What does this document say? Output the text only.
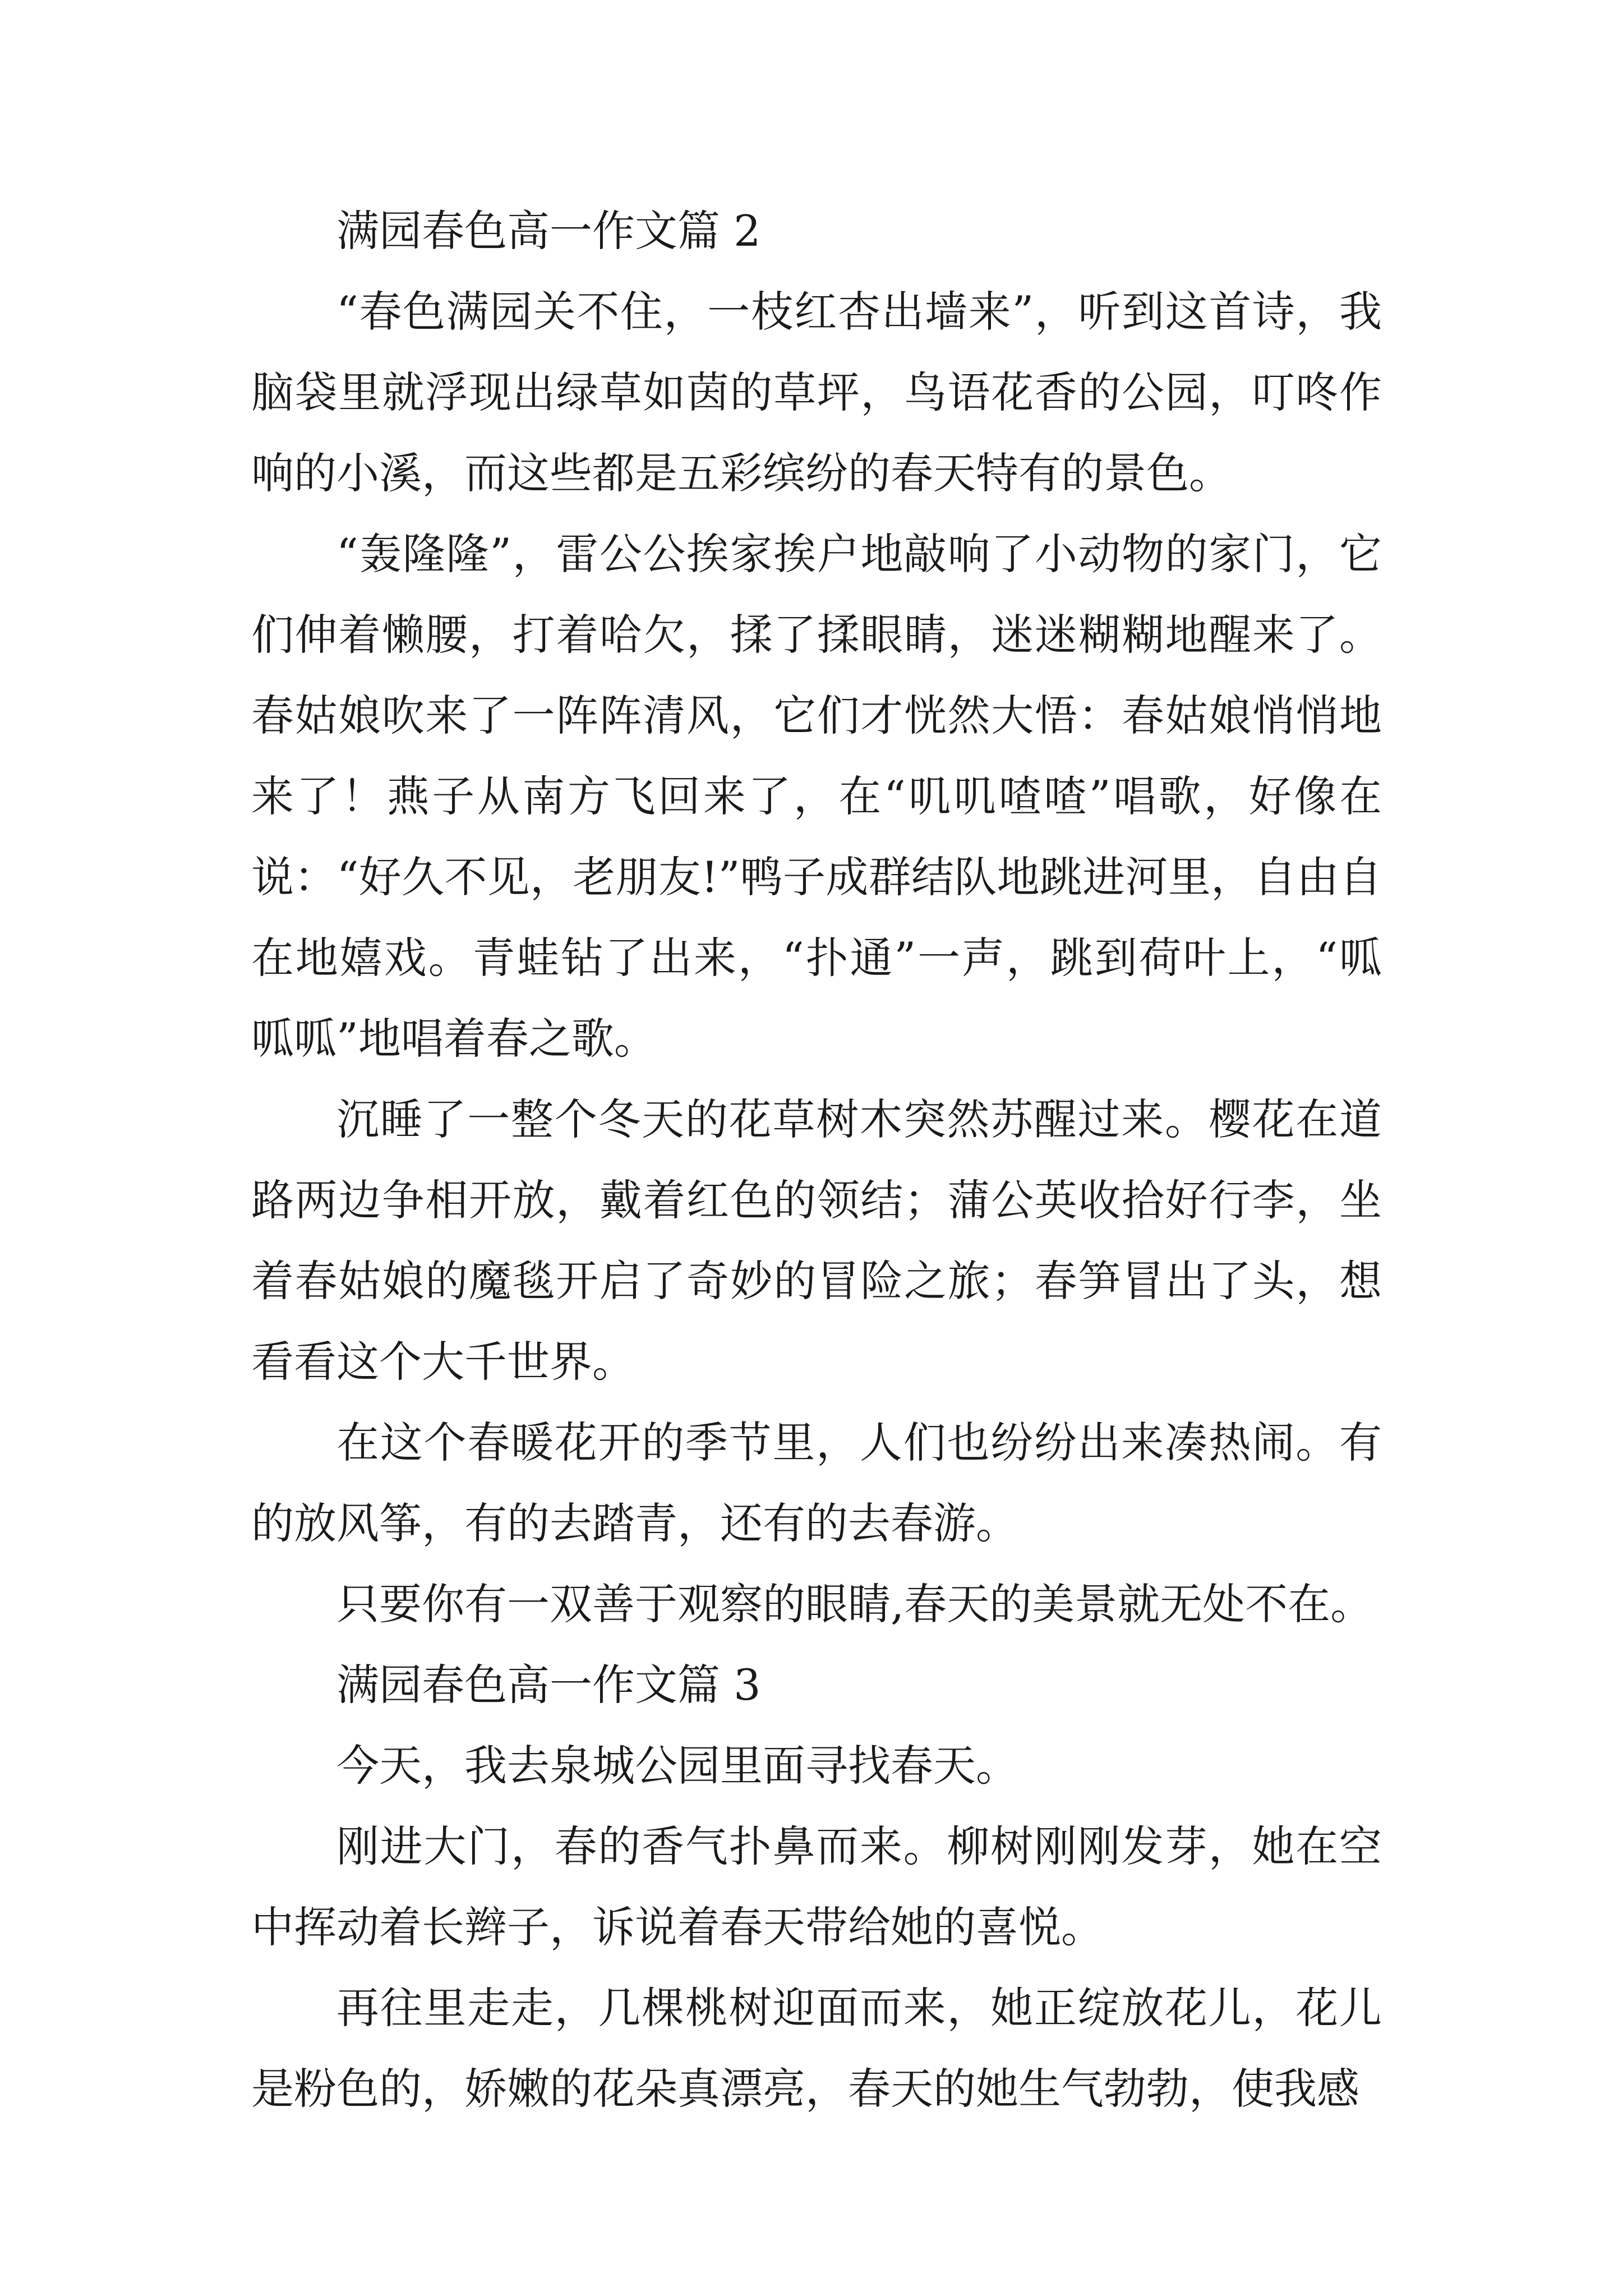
满园春色高一作文篇 2

“春色满园关不住，一枝红杏出墙来”，听到这首诗，我脑袋里就浮现出绿草如茵的草坪，鸟语花香的公园，叮咚作响的小溪，而这些都是五彩缤纷的春天特有的景色。

“轰隆隆”，雷公公挨家挨户地敲响了小动物的家门，它们伸着懒腰，打着哈欠，揉了揉眼睛，迷迷糊糊地醒来了。春姑娘吹来了一阵阵清风，它们才恍然大悟：春姑娘悄悄地来了！燕子从南方飞回来了，在“叽叽喳喳”唱歌，好像在说：“好久不见，老朋友!”鸭子成群结队地跳进河里，自由自在地嬉戏。青蛙钻了出来，“扑通”一声，跳到荷叶上，“呱呱呱”地唱着春之歌。

沉睡了一整个冬天的花草树木突然苏醒过来。樱花在道路两边争相开放，戴着红色的领结；蒲公英收拾好行李，坐着春姑娘的魔毯开启了奇妙的冒险之旅；春笋冒出了头，想看看这个大千世界。

在这个春暖花开的季节里，人们也纷纷出来凑热闹。有的放风筝，有的去踏青，还有的去春游。

只要你有一双善于观察的眼睛,春天的美景就无处不在。

满园春色高一作文篇 3

今天，我去泉城公园里面寻找春天。

刚进大门，春的香气扑鼻而来。柳树刚刚发芽，她在空中挥动着长辫子，诉说着春天带给她的喜悦。

再往里走走，几棵桃树迎面而来，她正绽放花儿，花儿是粉色的，娇嫩的花朵真漂亮，春天的她生气勃勃，使我感
